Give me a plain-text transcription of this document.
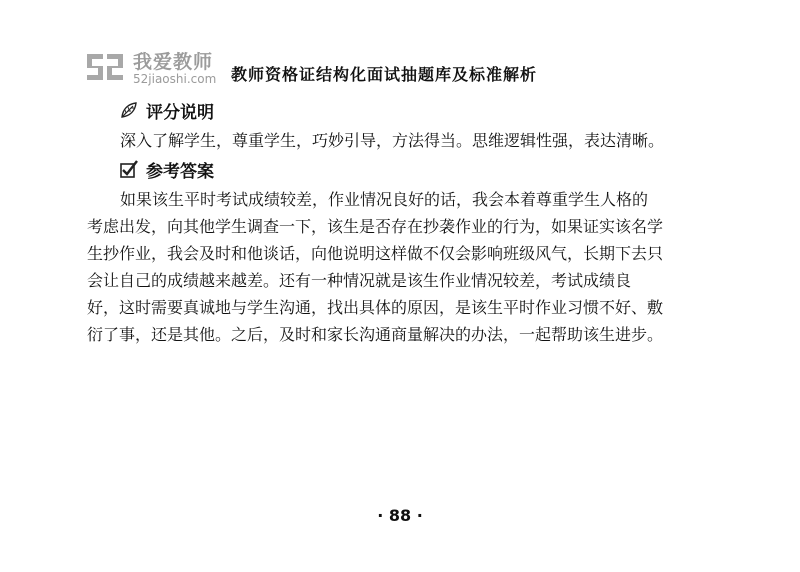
我爱教师
52jiaoshi.com 教师资格证结构化面试抽题库及标准解析
评分说明
深入了解学生，尊重学生，巧妙引导，方法得当。思维逻辑性强，表达清晰。
参考答案
如果该生平时考试成绩较差，作业情况良好的话，我会本着尊重学生人格的
考虑出发，向其他学生调查一下，该生是否存在抄袭作业的行为，如果证实该名学
生抄作业，我会及时和他谈话，向他说明这样做不仅会影响班级风气，长期下去只
会让自己的成绩越来越差。还有一种情况就是该生作业情况较差，考试成绩良
好，这时需要真诚地与学生沟通，找出具体的原因，是该生平时作业习惯不好、敷
衍了事，还是其他。之后，及时和家长沟通商量解决的办法，一起帮助该生进步。
· 88 ·
